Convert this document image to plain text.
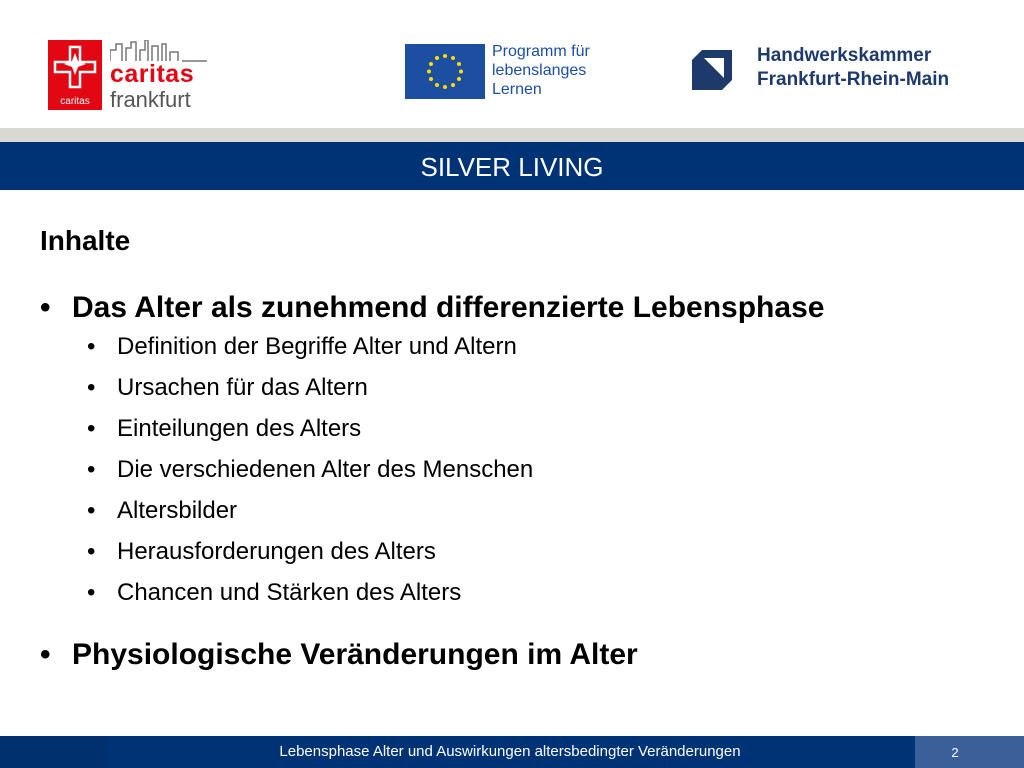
caritas
caritas
frankfurt
Programm für
lebenslanges
Lernen
Handwerkskammer
Frankfurt-Rhein-Main
SILVER LIVING
Inhalte
• Das Alter als zunehmend differenzierte Lebensphase
• Definition der Begriffe Alter und Altern
• Ursachen für das Altern
• Einteilungen des Alters
• Die verschiedenen Alter des Menschen
• Altersbilder
• Herausforderungen des Alters
• Chancen und Stärken des Alters
• Physiologische Veränderungen im Alter
Lebensphase Alter und Auswirkungen altersbedingter Veränderungen	2
